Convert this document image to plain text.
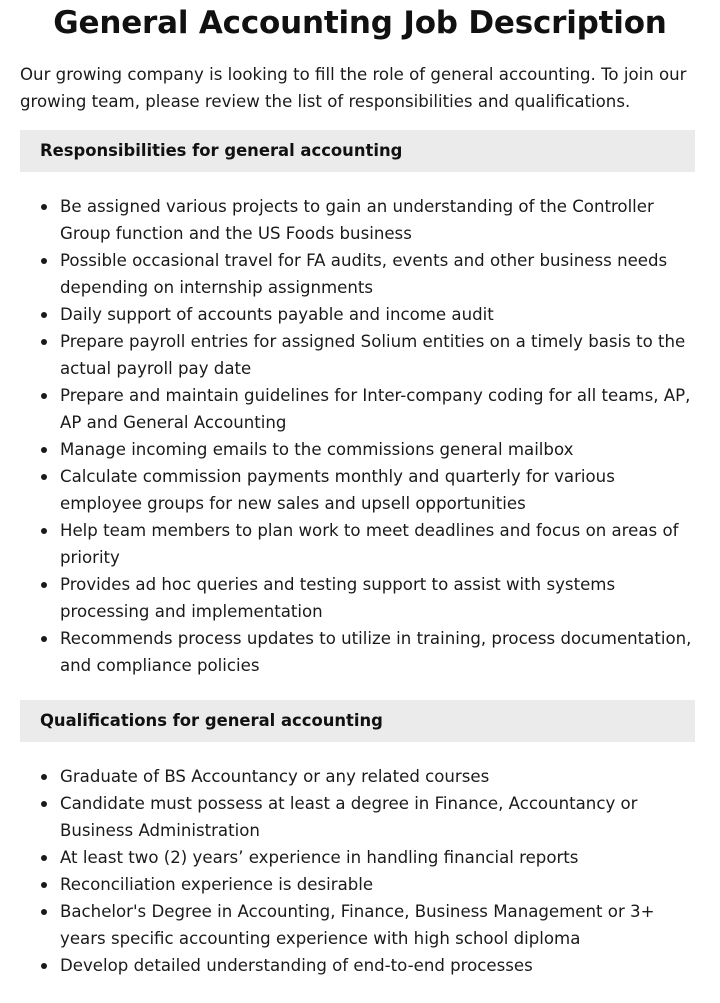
General Accounting Job Description

Our growing company is looking to fill the role of general accounting. To join our growing team, please review the list of responsibilities and qualifications.

Responsibilities for general accounting
Be assigned various projects to gain an understanding of the Controller Group function and the US Foods business
Possible occasional travel for FA audits, events and other business needs depending on internship assignments
Daily support of accounts payable and income audit
Prepare payroll entries for assigned Solium entities on a timely basis to the actual payroll pay date
Prepare and maintain guidelines for Inter-company coding for all teams, AP, AP and General Accounting
Manage incoming emails to the commissions general mailbox
Calculate commission payments monthly and quarterly for various employee groups for new sales and upsell opportunities
Help team members to plan work to meet deadlines and focus on areas of priority
Provides ad hoc queries and testing support to assist with systems processing and implementation
Recommends process updates to utilize in training, process documentation, and compliance policies
Qualifications for general accounting
Graduate of BS Accountancy or any related courses
Candidate must possess at least a degree in Finance, Accountancy or Business Administration
At least two (2) years’ experience in handling financial reports
Reconciliation experience is desirable
Bachelor's Degree in Accounting, Finance, Business Management or 3+ years specific accounting experience with high school diploma
Develop detailed understanding of end-to-end processes
